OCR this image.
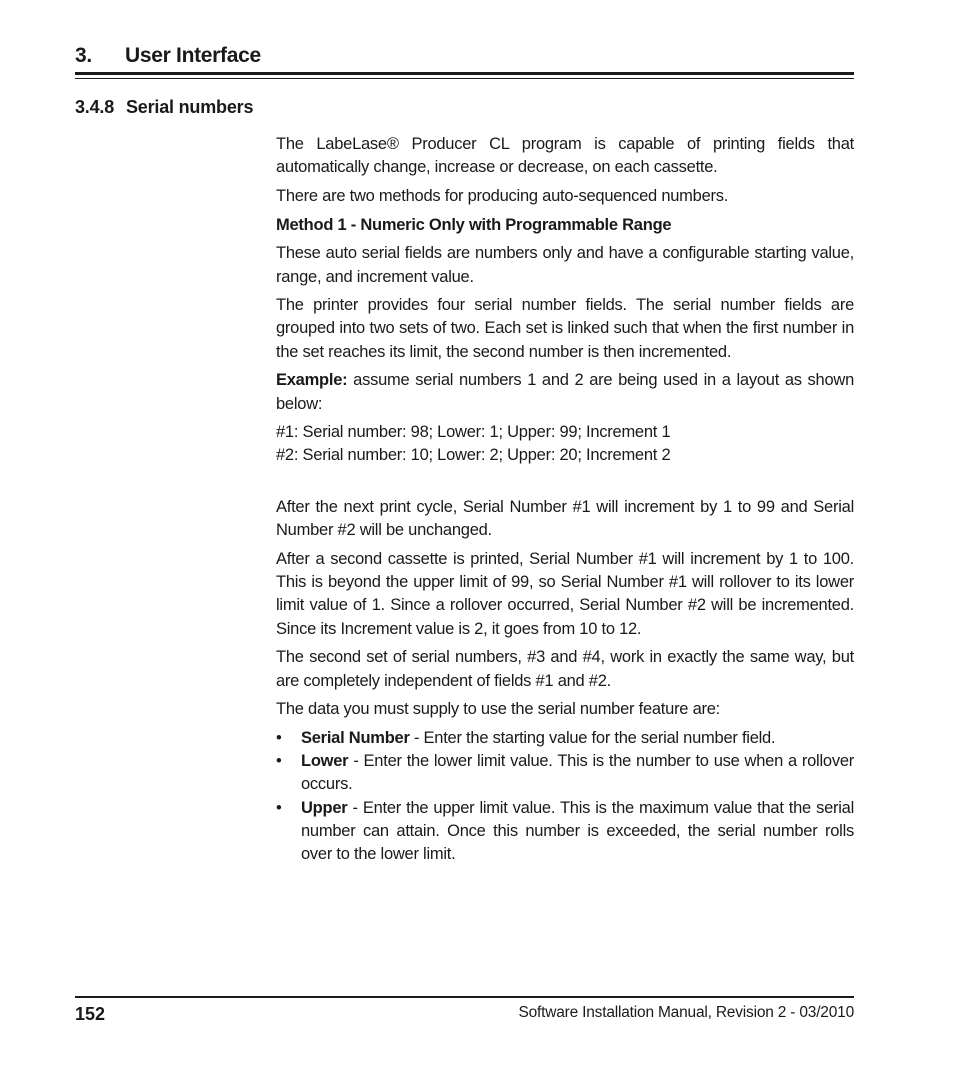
3. User Interface
3.4.8 Serial numbers

The LabeLase® Producer CL program is capable of printing fields that automatically change, increase or decrease, on each cassette.

There are two methods for producing auto-sequenced numbers.

Method 1 - Numeric Only with Programmable Range

These auto serial fields are numbers only and have a configurable starting value, range, and increment value.

The printer provides four serial number fields. The serial number fields are grouped into two sets of two. Each set is linked such that when the first number in the set reaches its limit, the second number is then incremented.

Example: assume serial numbers 1 and 2 are being used in a layout as shown below:

#1: Serial number: 98; Lower: 1; Upper: 99; Increment 1

#2: Serial number: 10; Lower: 2; Upper: 20; Increment 2

After the next print cycle, Serial Number #1 will increment by 1 to 99 and Serial Number #2 will be unchanged.

After a second cassette is printed, Serial Number #1 will increment by 1 to 100. This is beyond the upper limit of 99, so Serial Number #1 will rollover to its lower limit value of 1. Since a rollover occurred, Serial Number #2 will be incremented. Since its Increment value is 2, it goes from 10 to 12.

The second set of serial numbers, #3 and #4, work in exactly the same way, but are completely independent of fields #1 and #2.

The data you must supply to use the serial number feature are:

• Serial Number - Enter the starting value for the serial number field.
• Lower - Enter the lower limit value. This is the number to use when a rollover occurs.
• Upper - Enter the upper limit value. This is the maximum value that the serial number can attain. Once this number is exceeded, the serial number rolls over to the lower limit.
152	Software Installation Manual, Revision 2 - 03/2010
